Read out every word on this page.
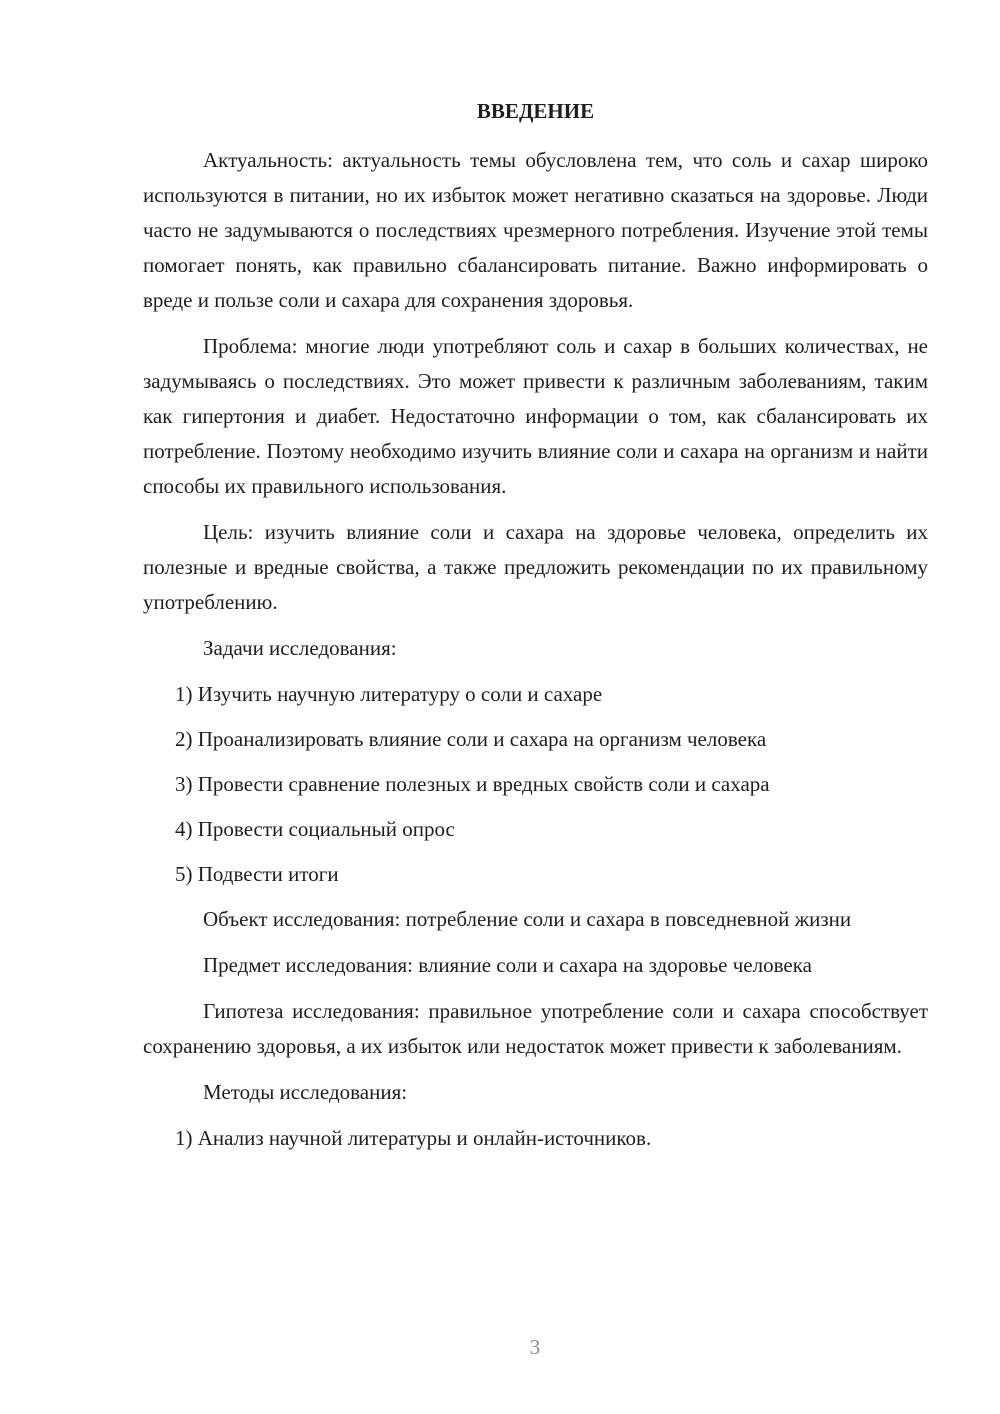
ВВЕДЕНИЕ

Актуальность: актуальность темы обусловлена тем, что соль и сахар широко используются в питании, но их избыток может негативно сказаться на здоровье. Люди часто не задумываются о последствиях чрезмерного потребления. Изучение этой темы помогает понять, как правильно сбалансировать питание. Важно информировать о вреде и пользе соли и сахара для сохранения здоровья.

Проблема: многие люди употребляют соль и сахар в больших количествах, не задумываясь о последствиях. Это может привести к различным заболеваниям, таким как гипертония и диабет. Недостаточно информации о том, как сбалансировать их потребление. Поэтому необходимо изучить влияние соли и сахара на организм и найти способы их правильного использования.

Цель: изучить влияние соли и сахара на здоровье человека, определить их полезные и вредные свойства, а также предложить рекомендации по их правильному употреблению.

Задачи исследования:

1) Изучить научную литературу о соли и сахаре

2) Проанализировать влияние соли и сахара на организм человека

3) Провести сравнение полезных и вредных свойств соли и сахара

4) Провести социальный опрос

5) Подвести итоги

Объект исследования: потребление соли и сахара в повседневной жизни

Предмет исследования: влияние соли и сахара на здоровье человека

Гипотеза исследования: правильное употребление соли и сахара способствует сохранению здоровья, а их избыток или недостаток может привести к заболеваниям.

Методы исследования:

1) Анализ научной литературы и онлайн-источников.

3
